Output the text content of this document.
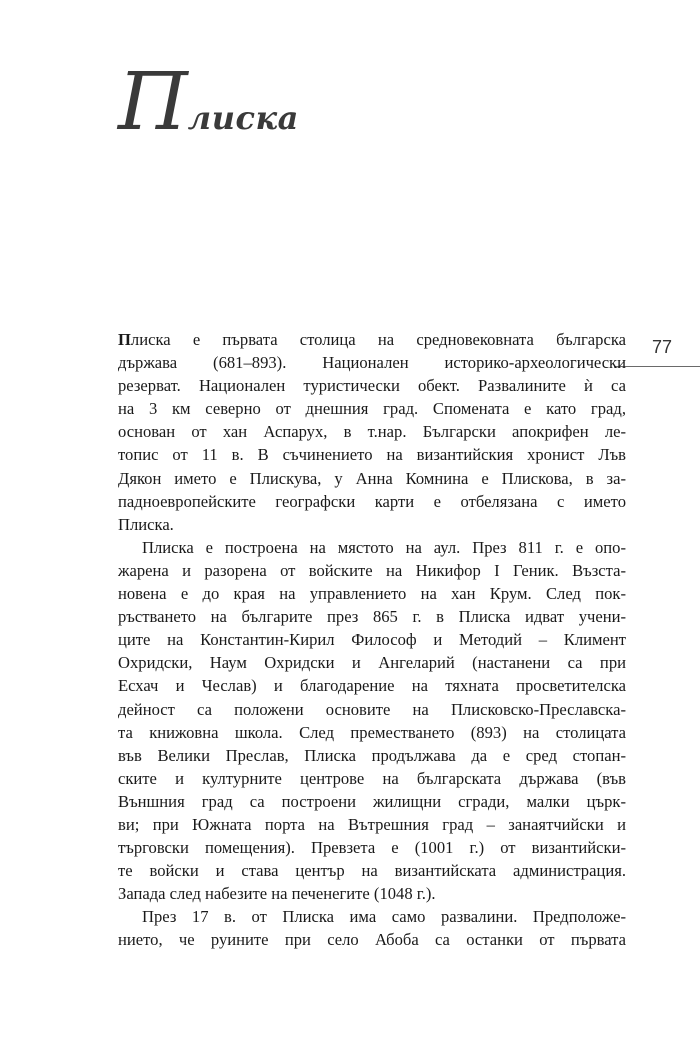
Плиска

77

Плиска е първата столица на средновековната българска
държава (681–893). Национален историко-археологически
резерват. Национален туристически обект. Развалините ѝ са
на 3 км северно от днешния град. Спомената е като град,
основан от хан Аспарух, в т.нар. Български апокрифен ле-
топис от 11 в. В съчинението на византийския хронист Лъв
Дякон името е Плискува, у Анна Комнина е Плискова, в за-
падноевропейските географски карти е отбелязана с името
Плиска.

Плиска е построена на мястото на аул. През 811 г. е опо-
жарена и разорена от войските на Никифор I Геник. Възста-
новена е до края на управлението на хан Крум. След пок-
ръстването на българите през 865 г. в Плиска идват учени-
ците на Константин-Кирил Философ и Методий – Климент
Охридски, Наум Охридски и Ангеларий (настанени са при
Есхач и Чеслав) и благодарение на тяхната просветителска
дейност са положени основите на Плисковско-Преславска-
та книжовна школа. След преместването (893) на столицата
във Велики Преслав, Плиска продължава да е сред стопан-
ските и културните центрове на българската държава (във
Външния град са построени жилищни сгради, малки църк-
ви; при Южната порта на Вътрешния град – занаятчийски и
търговски помещения). Превзета е (1001 г.) от византийски-
те войски и става център на византийската администрация.
Запада след набезите на печенегите (1048 г.).

През 17 в. от Плиска има само развалини. Предположе-
нието, че руините при село Абоба са останки от първата
